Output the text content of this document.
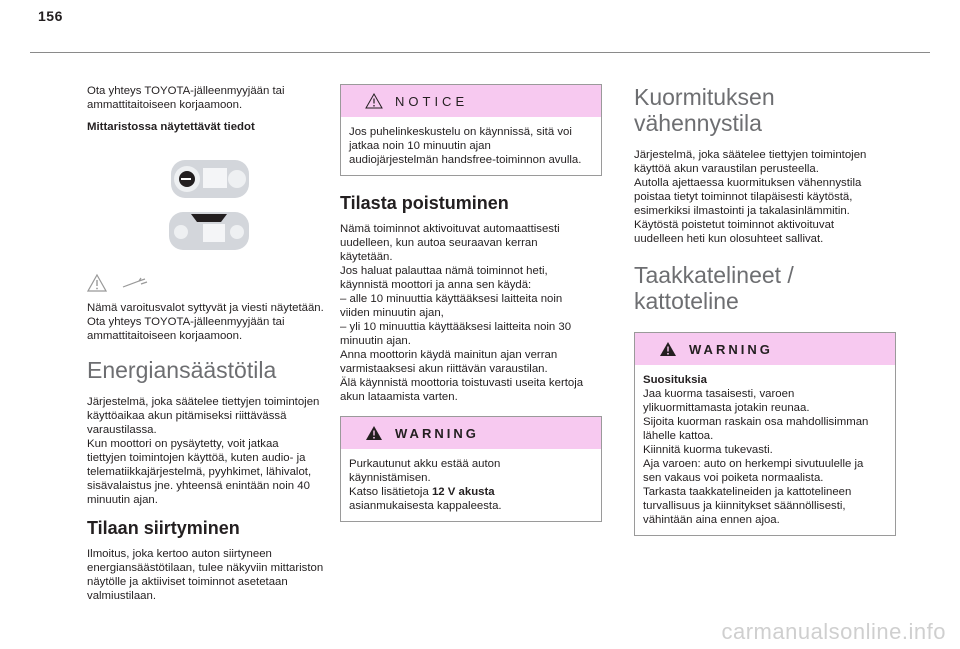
156

Ota yhteys TOYOTA-jälleenmyyjään tai
ammattitaitoiseen korjaamoon.

Mittaristossa näytettävät tiedot

Nämä varoitusvalot syttyvät ja viesti näytetään.
Ota yhteys TOYOTA-jälleenmyyjään tai
ammattitaitoiseen korjaamoon.

Energiansäästötila

Järjestelmä, joka säätelee tiettyjen toimintojen
käyttöaikaa akun pitämiseksi riittävässä
varaustilassa.
Kun moottori on pysäytetty, voit jatkaa
tiettyjen toimintojen käyttöä, kuten audio- ja
telematiikkajärjestelmä, pyyhkimet, lähivalot,
sisävalaistus jne. yhteensä enintään noin 40
minuutin ajan.

Tilaan siirtyminen

Ilmoitus, joka kertoo auton siirtyneen
energiansäästötilaan, tulee näkyviin mittariston
näytölle ja aktiiviset toiminnot asetetaan
valmiustilaan.

NOTICE

Jos puhelinkeskustelu on käynnissä, sitä voi
jatkaa noin 10 minuutin ajan
audiojärjestelmän handsfree-toiminnon avulla.

Tilasta poistuminen

Nämä toiminnot aktivoituvat automaattisesti
uudelleen, kun autoa seuraavan kerran
käytetään.
Jos haluat palauttaa nämä toiminnot heti,
käynnistä moottori ja anna sen käydä:
– alle 10 minuuttia käyttääksesi laitteita noin
viiden minuutin ajan,
– yli 10 minuuttia käyttääksesi laitteita noin 30
minuutin ajan.
Anna moottorin käydä mainitun ajan verran
varmistaaksesi akun riittävän varaustilan.
Älä käynnistä moottoria toistuvasti useita kertoja
akun lataamista varten.

WARNING

Purkautunut akku estää auton
käynnistämisen.
Katso lisätietoja 12 V akusta
asianmukaisesta kappaleesta.

Kuormituksen
vähennystila

Järjestelmä, joka säätelee tiettyjen toimintojen
käyttöä akun varaustilan perusteella.
Autolla ajettaessa kuormituksen vähennystila
poistaa tietyt toiminnot tilapäisesti käytöstä,
esimerkiksi ilmastointi ja takalasinlämmitin.
Käytöstä poistetut toiminnot aktivoituvat
uudelleen heti kun olosuhteet sallivat.

Taakkatelineet /
kattoteline
WARNING

Suosituksia

Jaa kuorma tasaisesti, varoen
ylikuormittamasta jotakin reunaa.
Sijoita kuorman raskain osa mahdollisimman
lähelle kattoa.
Kiinnitä kuorma tukevasti.
Aja varoen: auto on herkempi sivutuulelle ja
sen vakaus voi poiketa normaalista.
Tarkasta taakkatelineiden ja kattotelineen
turvallisuus ja kiinnitykset säännöllisesti,
vähintään aina ennen ajoa.

carmanualsonline.info
